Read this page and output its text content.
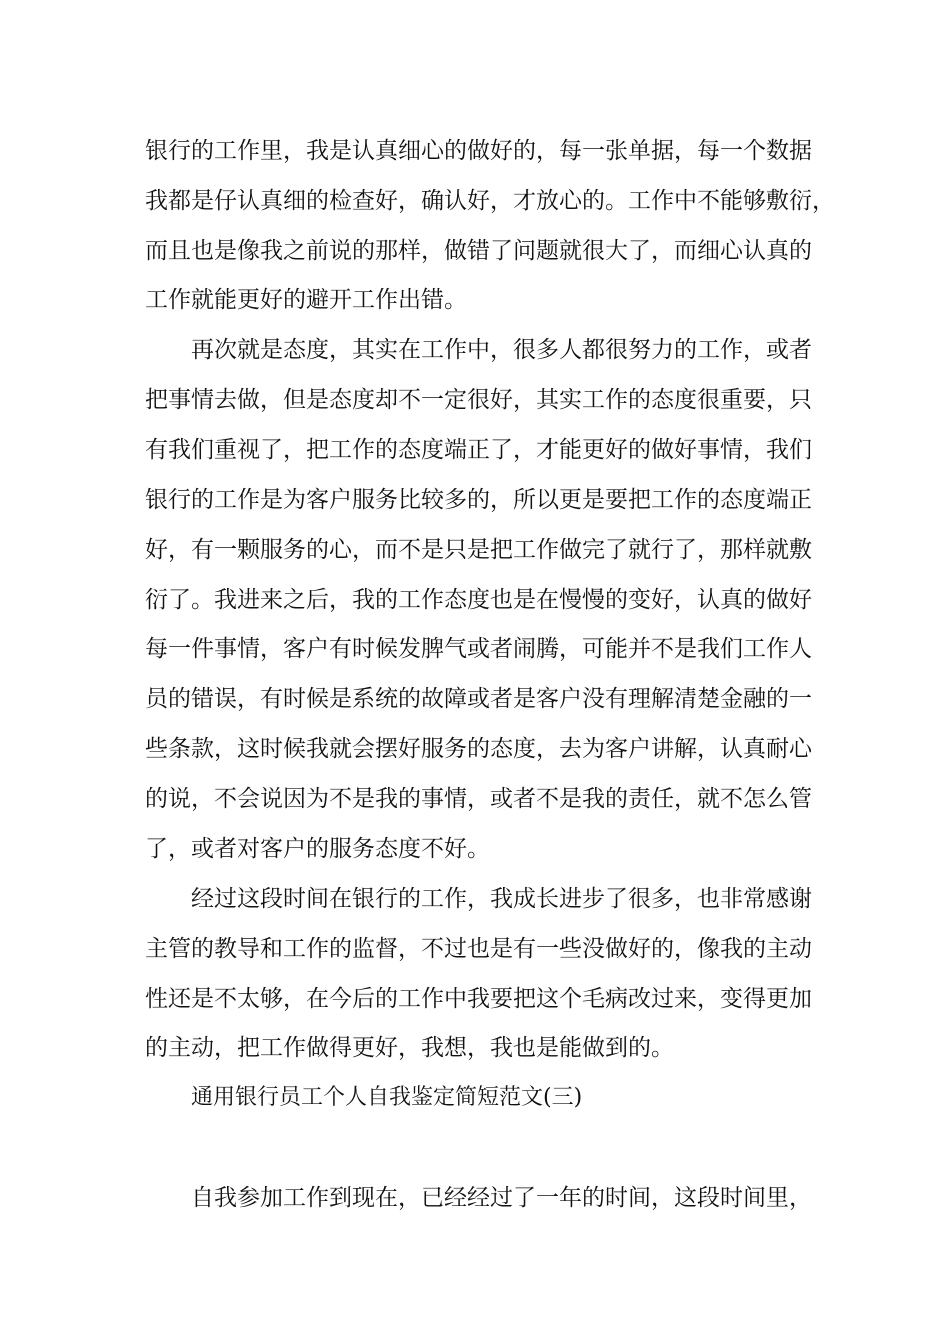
银行的工作里，我是认真细心的做好的，每一张单据，每一个数据
我都是仔认真细的检查好，确认好，才放心的。工作中不能够敷衍，
而且也是像我之前说的那样，做错了问题就很大了，而细心认真的
工作就能更好的避开工作出错。
再次就是态度，其实在工作中，很多人都很努力的工作，或者
把事情去做，但是态度却不一定很好，其实工作的态度很重要，只
有我们重视了，把工作的态度端正了，才能更好的做好事情，我们
银行的工作是为客户服务比较多的，所以更是要把工作的态度端正
好，有一颗服务的心，而不是只是把工作做完了就行了，那样就敷
衍了。我进来之后，我的工作态度也是在慢慢的变好，认真的做好
每一件事情，客户有时候发脾气或者闹腾，可能并不是我们工作人
员的错误，有时候是系统的故障或者是客户没有理解清楚金融的一
些条款，这时候我就会摆好服务的态度，去为客户讲解，认真耐心
的说，不会说因为不是我的事情，或者不是我的责任，就不怎么管
了，或者对客户的服务态度不好。
经过这段时间在银行的工作，我成长进步了很多，也非常感谢
主管的教导和工作的监督，不过也是有一些没做好的，像我的主动
性还是不太够，在今后的工作中我要把这个毛病改过来，变得更加
的主动，把工作做得更好，我想，我也是能做到的。
通用银行员工个人自我鉴定简短范文(三)
自我参加工作到现在，已经经过了一年的时间，这段时间里，
